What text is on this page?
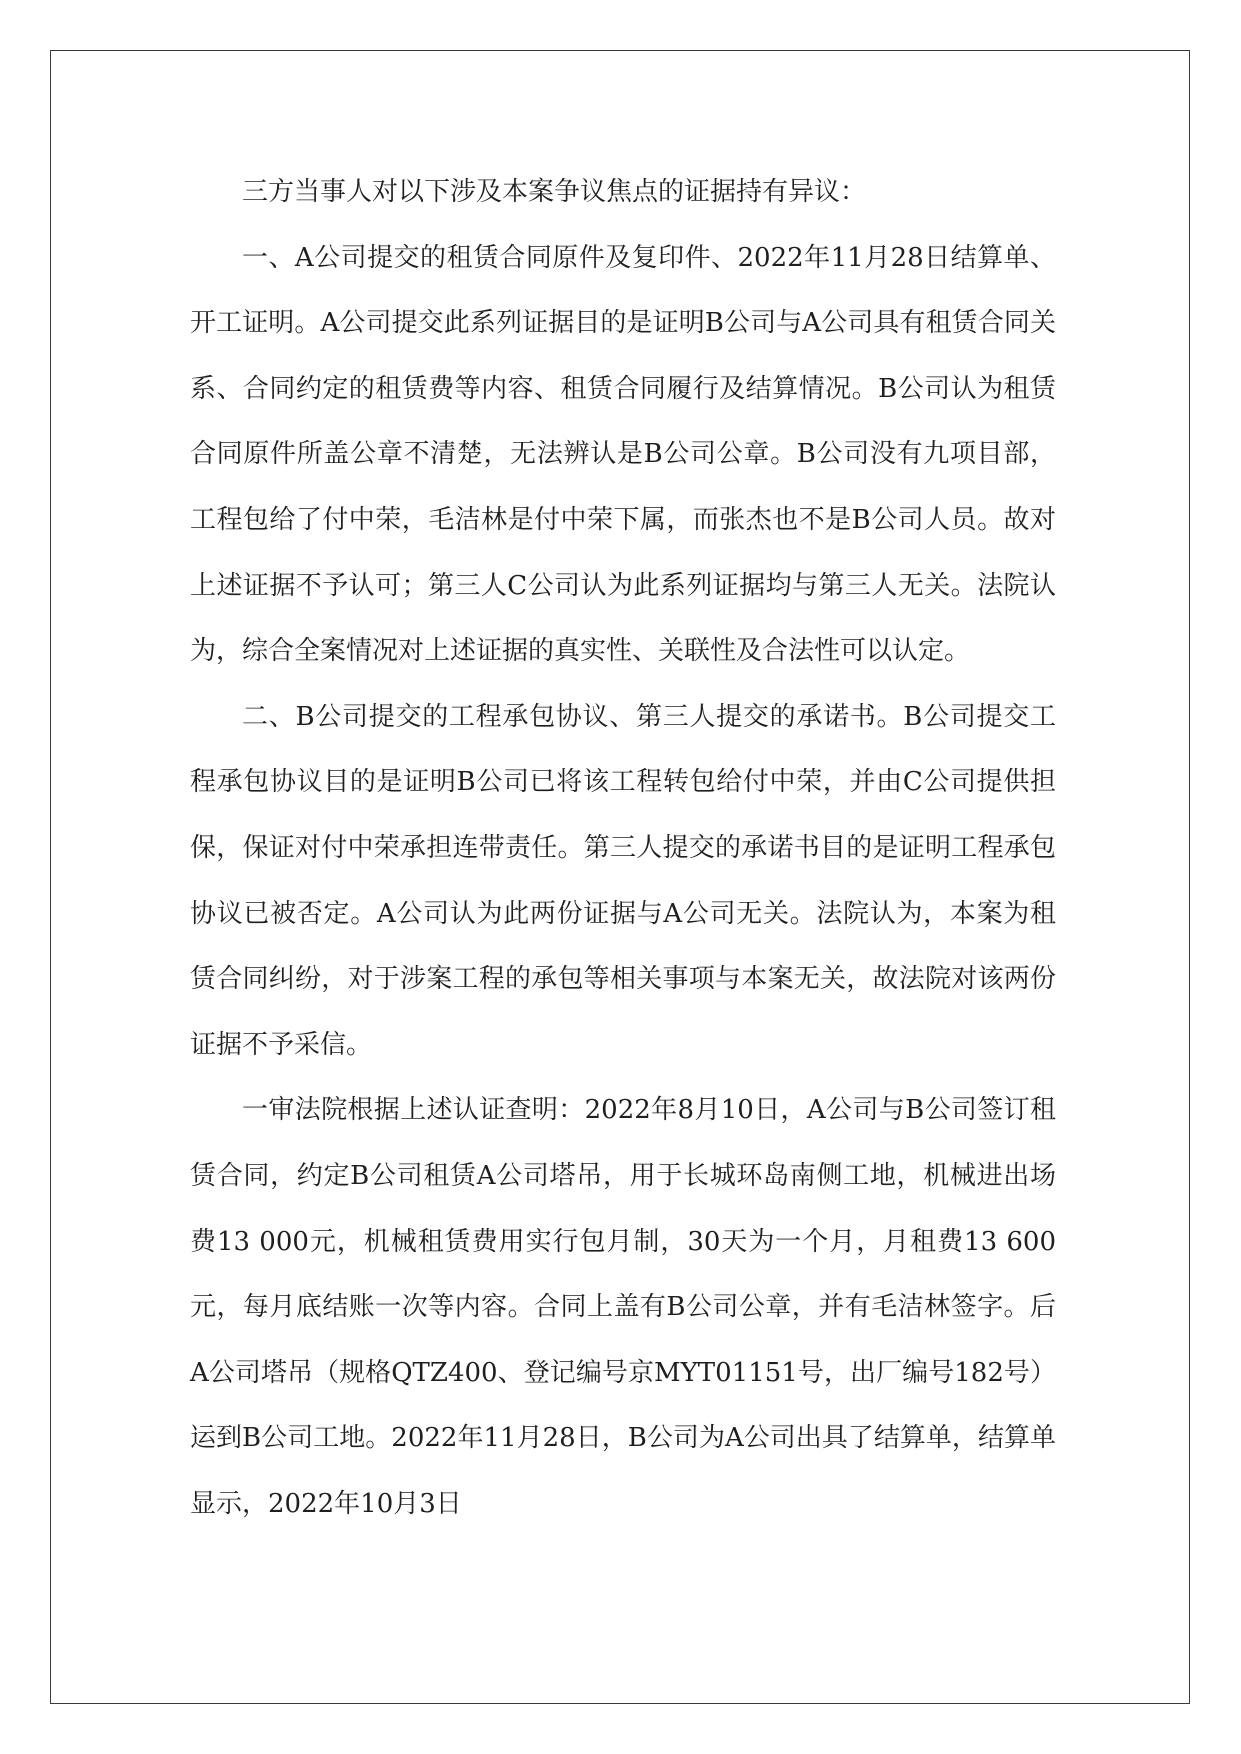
三方当事人对以下涉及本案争议焦点的证据持有异议：

一、A公司提交的租赁合同原件及复印件、2022年11月28日结算单、开工证明。A公司提交此系列证据目的是证明B公司与A公司具有租赁合同关系、合同约定的租赁费等内容、租赁合同履行及结算情况。B公司认为租赁合同原件所盖公章不清楚，无法辨认是B公司公章。B公司没有九项目部，工程包给了付中荣，毛洁林是付中荣下属，而张杰也不是B公司人员。故对上述证据不予认可；第三人C公司认为此系列证据均与第三人无关。法院认为，综合全案情况对上述证据的真实性、关联性及合法性可以认定。

二、B公司提交的工程承包协议、第三人提交的承诺书。B公司提交工程承包协议目的是证明B公司已将该工程转包给付中荣，并由C公司提供担保，保证对付中荣承担连带责任。第三人提交的承诺书目的是证明工程承包协议已被否定。A公司认为此两份证据与A公司无关。法院认为，本案为租赁合同纠纷，对于涉案工程的承包等相关事项与本案无关，故法院对该两份证据不予采信。

一审法院根据上述认证查明：2022年8月10日，A公司与B公司签订租赁合同，约定B公司租赁A公司塔吊，用于长城环岛南侧工地，机械进出场费13 000元，机械租赁费用实行包月制，30天为一个月，月租费13 600元，每月底结账一次等内容。合同上盖有B公司公章，并有毛洁林签字。后A公司塔吊（规格QTZ400、登记编号京MYT01151号，出厂编号182号）运到B公司工地。2022年11月28日，B公司为A公司出具了结算单，结算单显示，2022年10月3日
